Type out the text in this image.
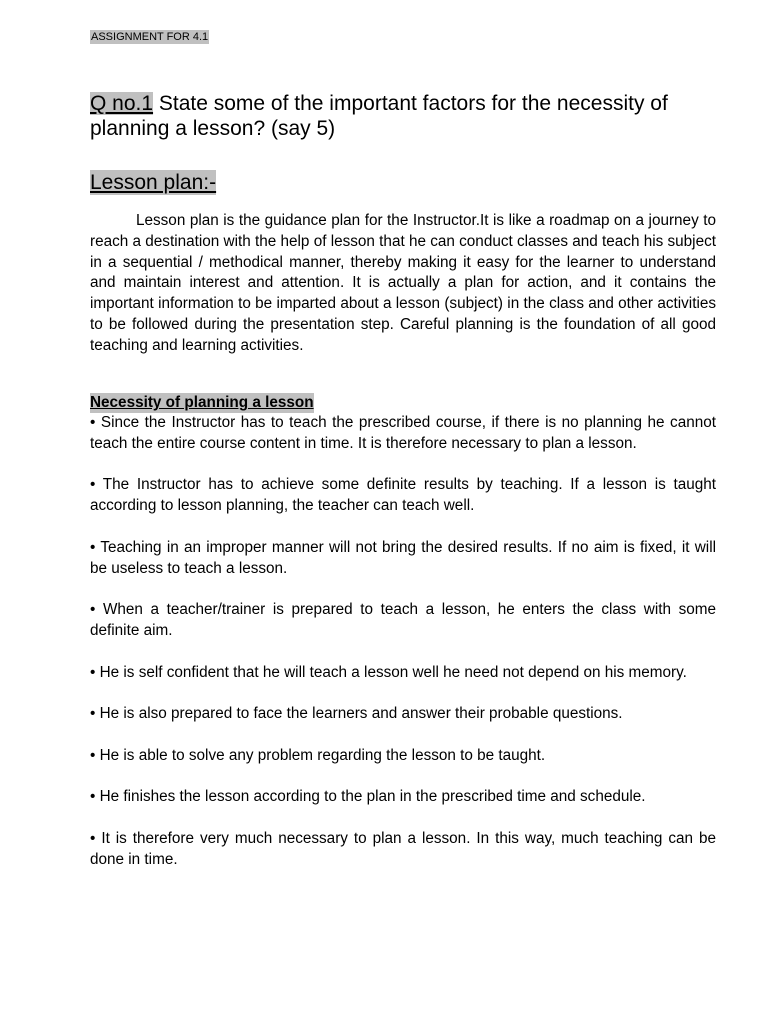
ASSIGNMENT FOR 4.1
Q no.1 State some of the important factors for the necessity of planning a lesson? (say 5)
Lesson plan:-

Lesson plan is the guidance plan for the Instructor.It is like a roadmap on a journey to reach a destination with the help of lesson that he can conduct classes and teach his subject in a sequential / methodical manner, thereby making it easy for the learner to understand and maintain interest and attention. It is actually a plan for action, and it contains the important information to be imparted about a lesson (subject) in the class and other activities to be followed during the presentation step. Careful planning is the foundation of all good teaching and learning activities.

Necessity of planning a lesson
• Since the Instructor has to teach the prescribed course, if there is no planning he cannot teach the entire course content in time. It is therefore necessary to plan a lesson.
• The Instructor has to achieve some definite results by teaching. If a lesson is taught according to lesson planning, the teacher can teach well.
• Teaching in an improper manner will not bring the desired results. If no aim is fixed, it will be useless to teach a lesson.
• When a teacher/trainer is prepared to teach a lesson, he enters the class with some definite aim.
• He is self confident that he will teach a lesson well he need not depend on his memory.
• He is also prepared to face the learners and answer their probable questions.
• He is able to solve any problem regarding the lesson to be taught.
• He finishes the lesson according to the plan in the prescribed time and schedule.
• It is therefore very much necessary to plan a lesson. In this way, much teaching can be done in time.
